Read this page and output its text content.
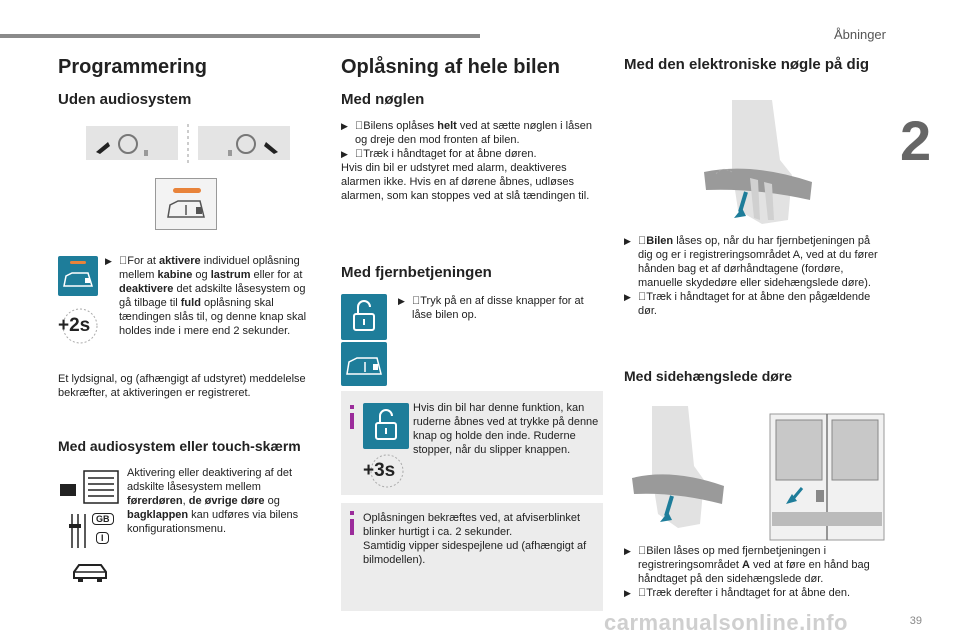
Åbninger
2
Programmering
Uden audiosystem
+2s
▶ For at aktivere individuel oplåsning mellem kabine og lastrum eller for at deaktivere det adskilte låsesystem og gå tilbage til fuld oplåsning skal tændingen slås til, og denne knap skal holdes inde i mere end 2 sekunder.

Et lydsignal, og (afhængigt af udstyret) meddelelse bekræfter, at aktiveringen er registreret.

Med audiosystem eller touch-skærm
GB
I

Aktivering eller deaktivering af det adskilte låsesystem mellem førerdøren, de øvrige døre og bagklappen kan udføres via bilens konfigurationsmenu.

Oplåsning af hele bilen
Med nøglen
▶ Bilens oplåses helt ved at sætte nøglen i låsen og dreje den mod fronten af bilen.
▶ Træk i håndtaget for at åbne døren.

Hvis din bil er udstyret med alarm, deaktiveres alarmen ikke. Hvis en af dørene åbnes, udløses alarmen, som kan stoppes ved at slå tændingen til.

Med fjernbetjeningen
▶ Tryk på en af disse knapper for at låse bilen op.
+3s

Hvis din bil har denne funktion, kan ruderne åbnes ved at trykke på denne knap og holde den inde. Ruderne stopper, når du slipper knappen.

Oplåsningen bekræftes ved, at afviserblinket blinker hurtigt i ca. 2 sekunder.
Samtidig vipper sidespejlene ud (afhængigt af bilmodellen).

Med den elektroniske nøgle på dig
▶ Bilen låses op, når du har fjernbetjeningen på dig og er i registreringsområdet A, ved at du fører hånden bag et af dørhåndtagene (fordøre, manuelle skydedøre eller sidehængslede døre).
▶ Træk i håndtaget for at åbne den pågældende dør.
Med sidehængslede døre
▶ Bilen låses op med fjernbetjeningen i registreringsområdet A ved at føre en hånd bag håndtaget på den sidehængslede dør.
▶ Træk derefter i håndtaget for at åbne den.
carmanualsonline.info	39
